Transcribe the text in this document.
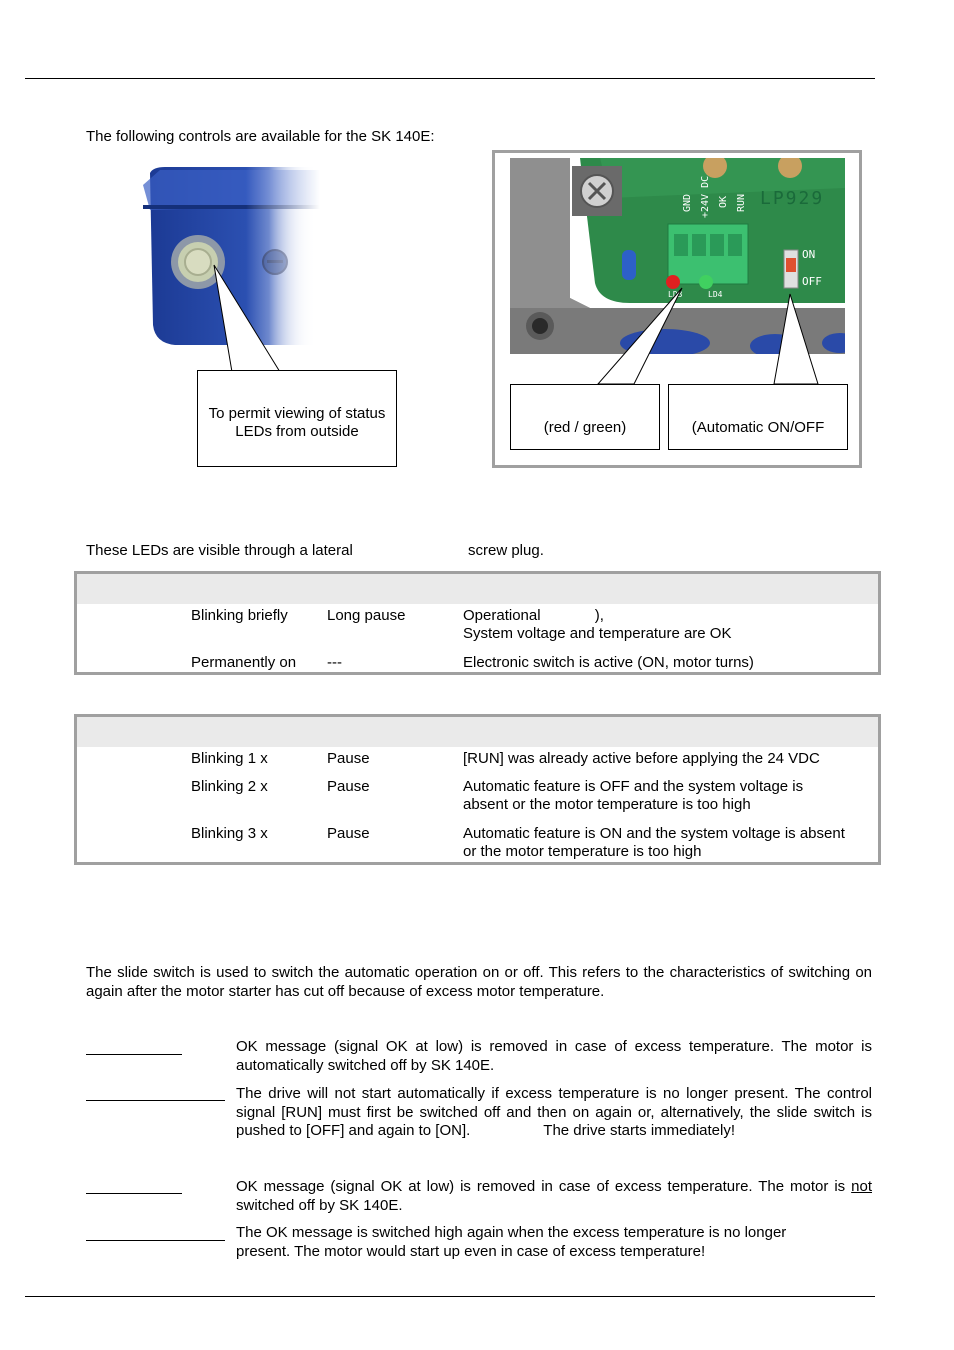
The following controls are available for the SK 140E:
To permit viewing of status
LEDs from outside
GND +24V DC OK RUN LP929
ON
OFF
LD3	LD4
(red / green)	(Automatic ON/OFF
These LEDs are visible through a lateral	screw plug.
Blinking briefly	Long pause	Operational             ),
System voltage and temperature are OK
Permanently on ---	Electronic switch is active (ON, motor turns)
Blinking 1 x	Pause	[RUN] was already active before applying the 24 VDC
Blinking 2 x	Pause	Automatic feature is OFF and the system voltage is
absent or the motor temperature is too high
Blinking 3 x	Pause	Automatic feature is ON and the system voltage is absent
or the motor temperature is too high
The slide switch is used to switch the automatic operation on or off. This refers to the characteristics of switching on again after the motor starter has cut off because of excess motor temperature.
OK message (signal OK at low) is removed in case of excess temperature. The motor is automatically switched off by SK 140E.
The drive will not start automatically if excess temperature is no longer present. The control signal [RUN] must first be switched off and then on again or, alternatively, the slide switch is pushed to [OFF] and again to [ON].	The drive starts immediately!
OK message (signal OK at low) is removed in case of excess temperature. The motor is not switched off by SK 140E.
The OK message is switched high again when the excess temperature is no longer
present. The motor would start up even in case of excess temperature!
